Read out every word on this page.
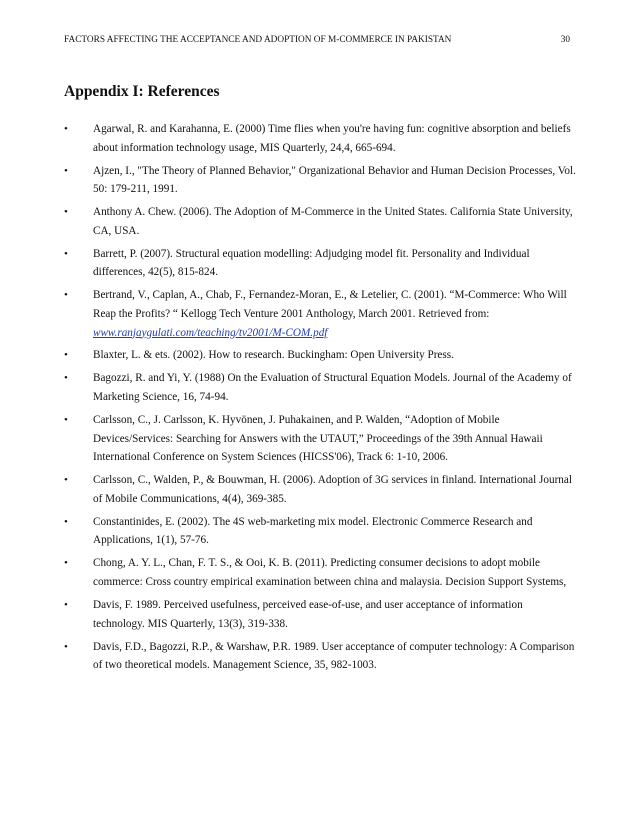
FACTORS AFFECTING THE ACCEPTANCE AND ADOPTION OF M-COMMERCE IN PAKISTAN	30
Appendix I: References
• Agarwal, R. and Karahanna, E. (2000) Time flies when you're having fun: cognitive absorption and beliefs about information technology usage, MIS Quarterly, 24,4, 665-694.
• Ajzen, I., "The Theory of Planned Behavior," Organizational Behavior and Human Decision Processes, Vol. 50: 179-211, 1991.
• Anthony A. Chew. (2006). The Adoption of M-Commerce in the United States. California State University, CA, USA.
• Barrett, P. (2007). Structural equation modelling: Adjudging model fit. Personality and Individual differences, 42(5), 815-824.
• Bertrand, V., Caplan, A., Chab, F., Fernandez-Moran, E., & Letelier, C. (2001). “M-Commerce: Who Will Reap the Profits? “ Kellogg Tech Venture 2001 Anthology, March 2001. Retrieved from:
www.ranjaygulati.com/teaching/tv2001/M-COM.pdf
• Blaxter, L. & ets. (2002). How to research. Buckingham: Open University Press.
• Bagozzi, R. and Yi, Y. (1988) On the Evaluation of Structural Equation Models. Journal of the Academy of Marketing Science, 16, 74-94.
• Carlsson, C., J. Carlsson, K. Hyvönen, J. Puhakainen, and P. Walden, “Adoption of Mobile Devices/Services: Searching for Answers with the UTAUT,” Proceedings of the 39th Annual Hawaii International Conference on System Sciences (HICSS'06), Track 6: 1-10, 2006.
• Carlsson, C., Walden, P., & Bouwman, H. (2006). Adoption of 3G services in finland. International Journal of Mobile Communications, 4(4), 369-385.
• Constantinides, E. (2002). The 4S web-marketing mix model. Electronic Commerce Research and Applications, 1(1), 57-76.
• Chong, A. Y. L., Chan, F. T. S., & Ooi, K. B. (2011). Predicting consumer decisions to adopt mobile commerce: Cross country empirical examination between china and malaysia. Decision Support Systems,
• Davis, F. 1989. Perceived usefulness, perceived ease-of-use, and user acceptance of information technology. MIS Quarterly, 13(3), 319-338.
• Davis, F.D., Bagozzi, R.P., & Warshaw, P.R. 1989. User acceptance of computer technology: A Comparison of two theoretical models. Management Science, 35, 982-1003.
